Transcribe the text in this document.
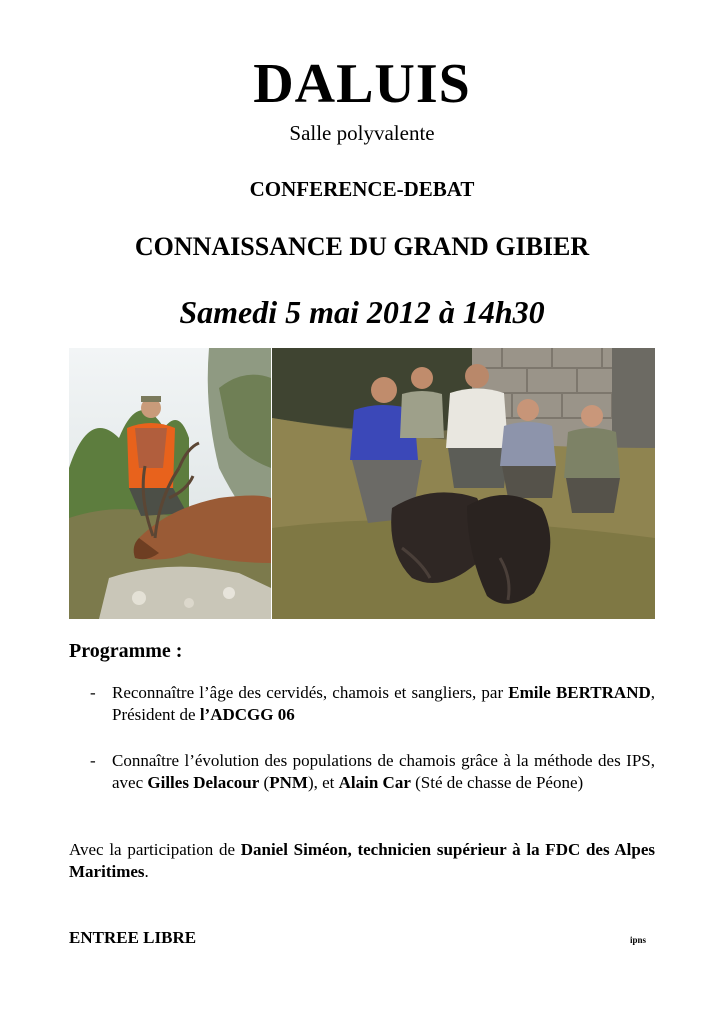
DALUIS
Salle polyvalente
CONFERENCE-DEBAT
CONNAISSANCE DU GRAND GIBIER
Samedi 5 mai 2012 à 14h30
Programme :
- Reconnaître l’âge des cervidés, chamois et sangliers, par Emile BERTRAND, Président de l’ADCGG 06
- Connaître l’évolution des populations de chamois grâce à la méthode des IPS, avec Gilles Delacour (PNM), et Alain Car (Sté de chasse de Péone)
Avec la participation de Daniel Siméon, technicien supérieur à la FDC des Alpes Maritimes.
ENTREE LIBRE	ipns
